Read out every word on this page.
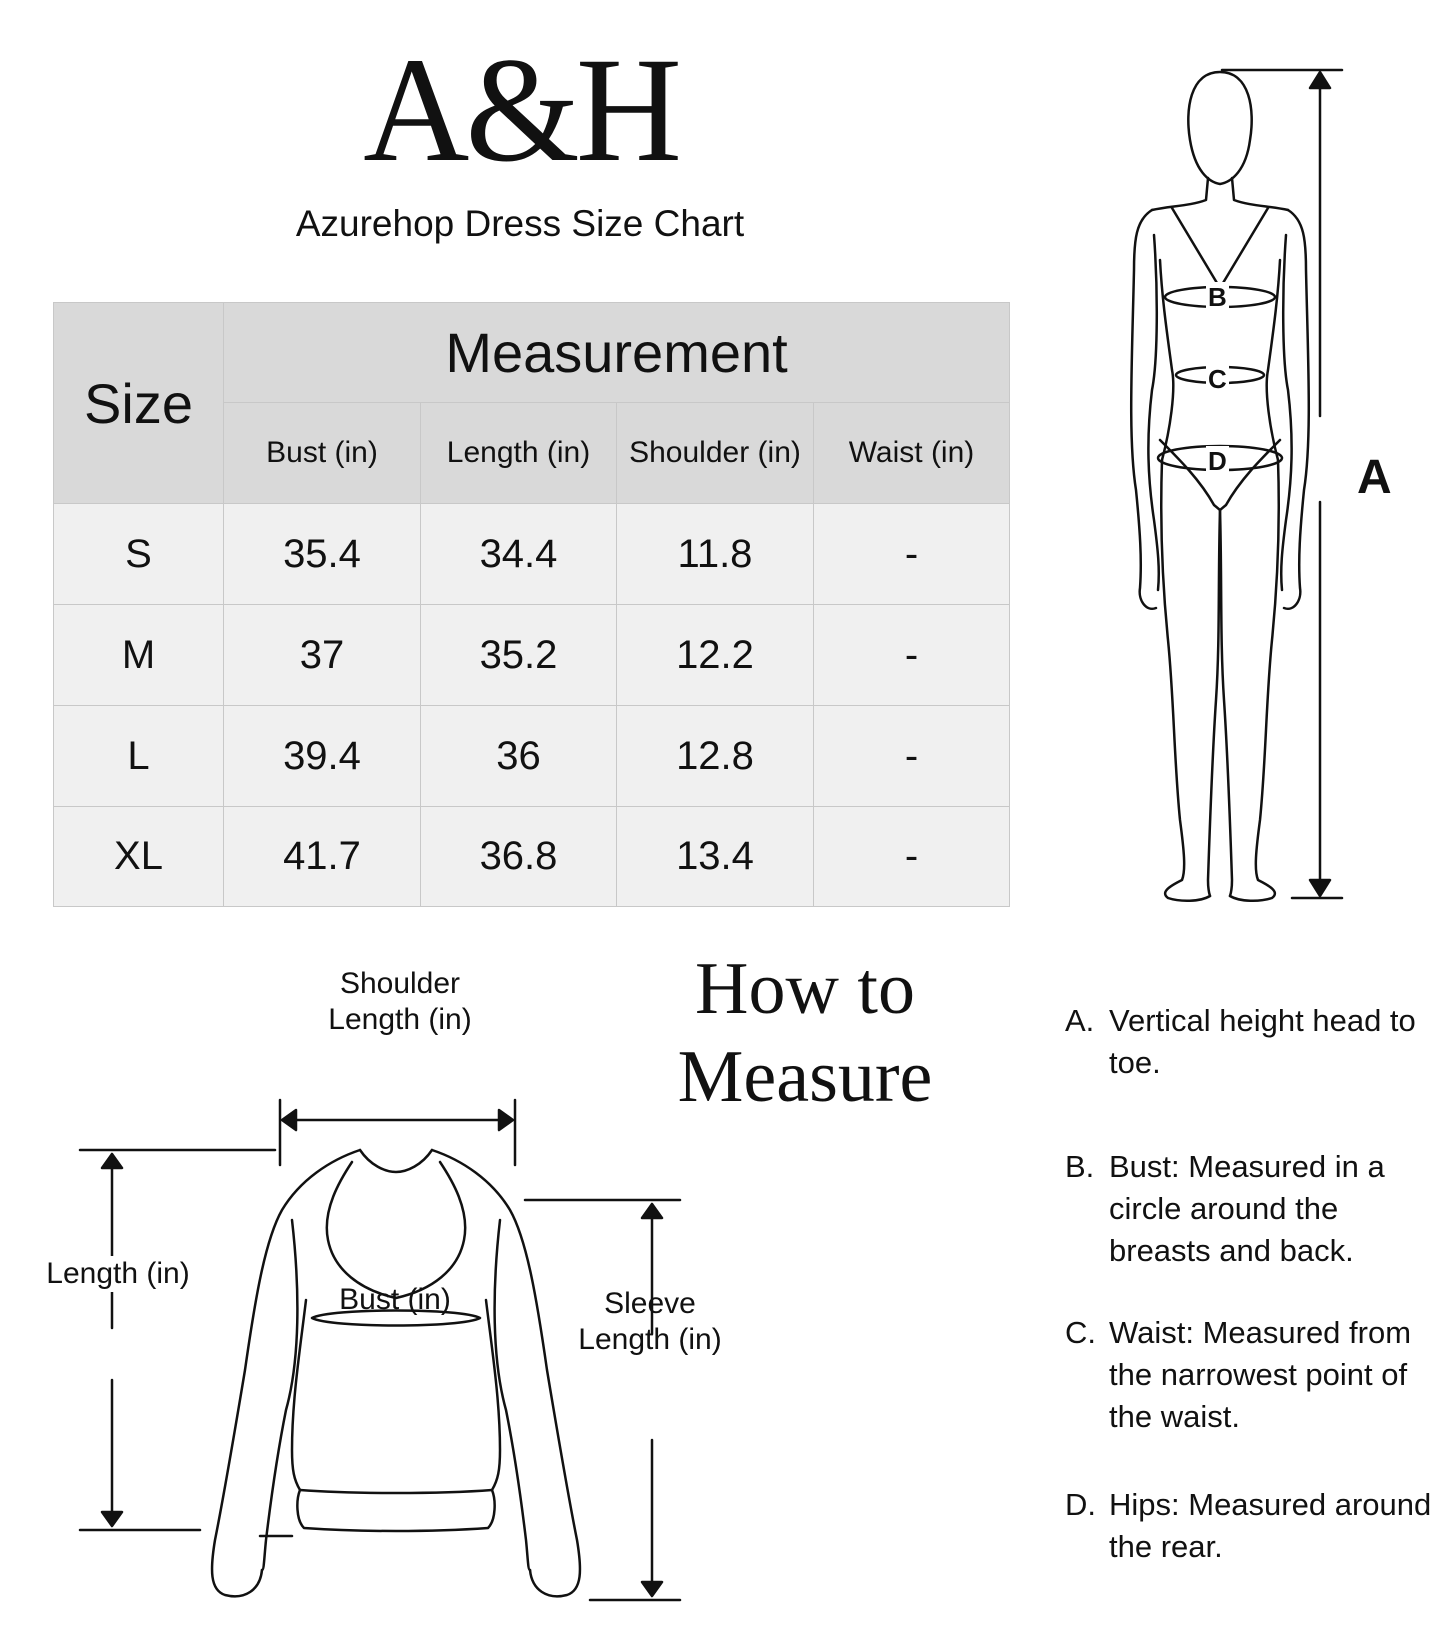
A&H
Azurehop Dress Size Chart
Size
Measurement
Bust (in)	Length (in)	Shoulder (in)	Waist (in)
S	35.4	34.4	11.8	-
M	37	35.2	12.2	-
L	39.4	36	12.8	-
XL	41.7	36.8	13.4	-
B
C
D	A
How to
Measure
Shoulder
Length (in)
Length (in)
Bust (in)	Sleeve
Length (in)
A. Vertical height head to toe.
B. Bust: Measured in a circle around the breasts and back.
C. Waist: Measured from the narrowest point of the waist.
D. Hips: Measured around the rear.
